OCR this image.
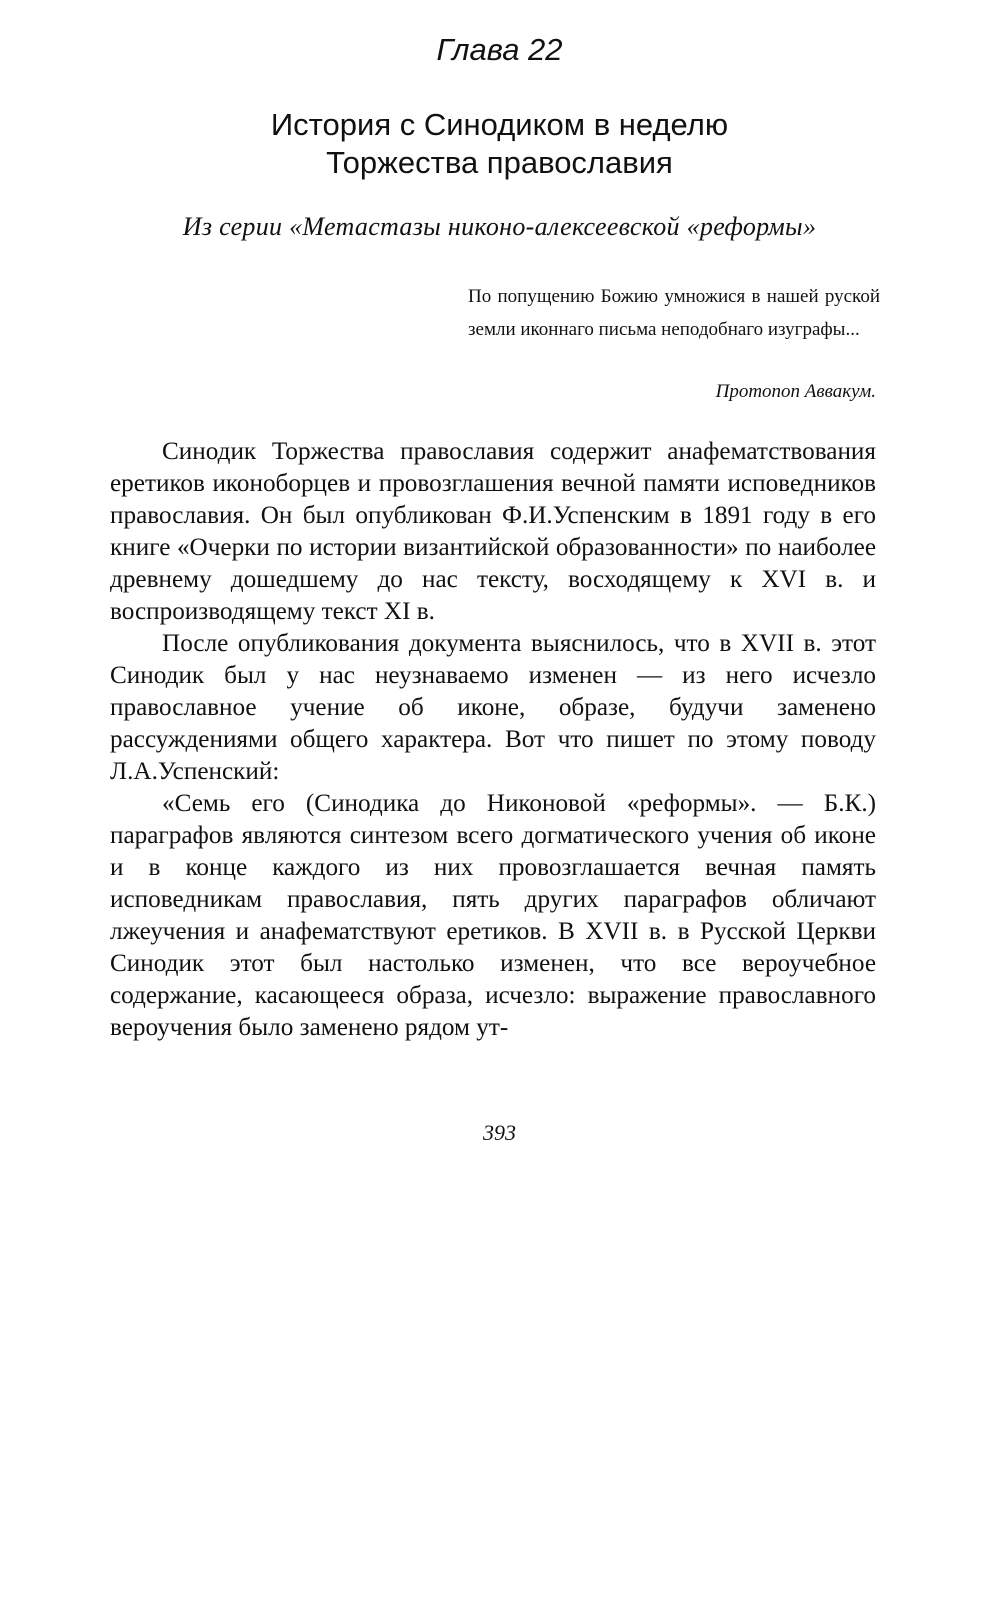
Глава 22
История с Синодиком в неделю
Торжества православия
Из серии «Метастазы никоно-алексеевской «реформы»
По попущению Божию умножися в нашей руской земли иконнаго письма неподобнаго изуграфы...
Протопоп Аввакум.

Синодик Торжества православия содержит анафематствования еретиков иконоборцев и провозглашения вечной памяти исповедников православия. Он был опубликован Ф.И.Успенским в 1891 году в его книге «Очерки по истории византийской образованности» по наиболее древнему дошедшему до нас тексту, восходящему к XVI в. и воспроизводящему текст XI в.

После опубликования документа выяснилось, что в XVII в. этот Синодик был у нас неузнаваемо изменен — из него исчезло православное учение об иконе, образе, будучи заменено рассуждениями общего характера. Вот что пишет по этому поводу Л.А.Успенский:

«Семь его (Синодика до Никоновой «реформы». — Б.К.) параграфов являются синтезом всего догматического учения об иконе и в конце каждого из них провозглашается вечная память исповедникам православия, пять других параграфов обличают лжеучения и анафематствуют еретиков. В XVII в. в Русской Церкви Синодик этот был настолько изменен, что все вероучебное содержание, касающееся образа, исчезло: выражение православного вероучения было заменено рядом ут-

393
